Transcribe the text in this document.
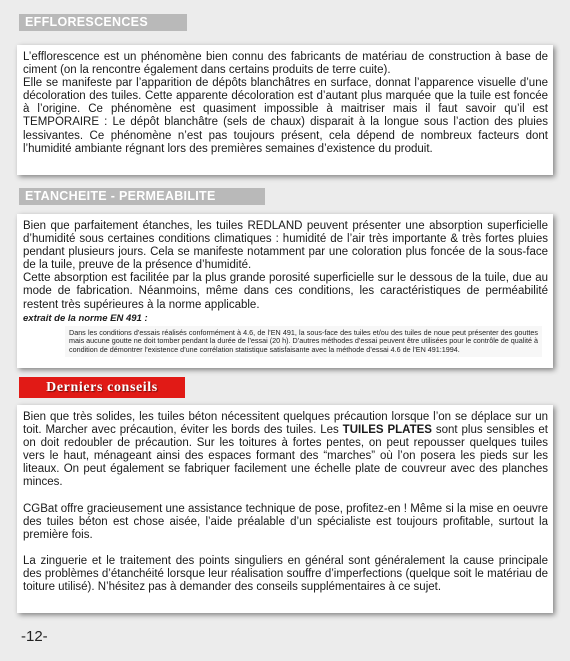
EFFLORESCENCES

L’efflorescence est un phénomène bien connu des fabricants de matériau de construction à base de ciment (on la rencontre également dans certains produits de terre cuite).

Elle se manifeste par l’apparition de dépôts blanchâtres en surface, donnat l’apparence visuelle d’une décoloration des tuiles. Cette apparente décoloration est d’autant plus marquée que la tuile est foncée à l’origine. Ce phénomène est quasiment impossible à maitriser mais il faut savoir qu’il est TEMPORAIRE : Le dépôt blanchâtre (sels de chaux) disparait à la longue sous l’action des pluies lessivantes. Ce phénomène n’est pas toujours présent, cela dépend de nombreux facteurs dont l’humidité ambiante régnant lors des premières semaines d’existence du produit.

ETANCHEITE - PERMEABILITE

Bien que parfaitement étanches, les tuiles REDLAND peuvent présenter une absorption superficielle d’humidité sous certaines conditions climatiques : humidité de l’air très importante & très fortes pluies pendant plusieurs jours. Cela se manifeste notamment par une coloration plus foncée de la sous-face de la tuile, preuve de la présence d’humidité.

Cette absorption est facilitée par la plus grande porosité superficielle sur le dessous de la tuile, due au mode de fabrication. Néanmoins, même dans ces conditions, les caractéristiques de perméabilité restent très supérieures à la norme applicable.

extrait de la norme EN 491 :
Dans les conditions d’essais réalisés conformément à 4.6, de l’EN 491, la sous-face des tuiles et/ou des tuiles de noue peut présenter des gouttes mais aucune goutte ne doit tomber pendant la durée de l’essai (20 h). D’autres méthodes d’essai peuvent être utilisées pour le contrôle de qualité à condition de démontrer l’existence d’une corrélation statistique satisfaisante avec la méthode d’essai 4.6 de l’EN 491:1994.
Derniers conseils

Bien que très solides, les tuiles béton nécessitent quelques précaution lorsque l’on se déplace sur un toit. Marcher avec précaution, éviter les bords des tuiles. Les TUILES PLATES sont plus sensibles et on doit redoubler de précaution. Sur les toitures à fortes pentes, on peut repousser quelques tuiles vers le haut, ménageant ainsi des espaces formant des “marches” où l’on posera les pieds sur les liteaux. On peut également se fabriquer facilement une échelle plate de couvreur avec des planches minces.

CGBat offre gracieusement une assistance technique de pose, profitez-en ! Même si la mise en oeuvre des tuiles béton est chose aisée, l’aide préalable d’un spécialiste est toujours profitable, surtout la première fois.

La zinguerie et le traitement des points singuliers en général sont généralement la cause principale des problèmes d’étanchéité lorsque leur réalisation souffre d’imperfections (quelque soit le matériau de toiture utilisé). N’hésitez pas à demander des conseils supplémentaires à ce sujet.

-12-
